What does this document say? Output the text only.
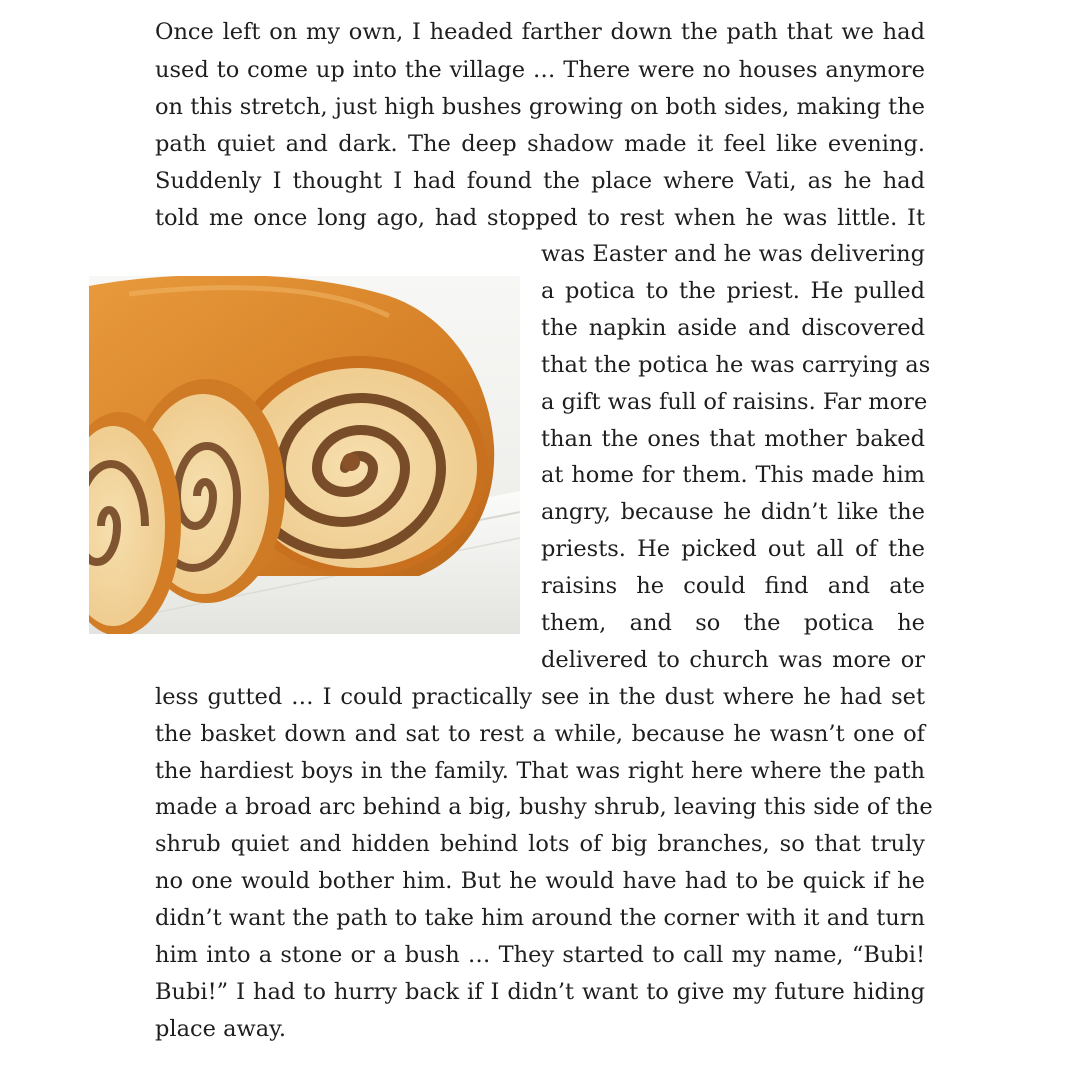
Once left on my own, I headed farther down the path that we had
used to come up into the village … There were no houses anymore
on this stretch, just high bushes growing on both sides, making the
path quiet and dark. The deep shadow made it feel like evening.
Suddenly I thought I had found the place where Vati, as he had
told me once long ago, had stopped to rest when he was little. It
was Easter and he was delivering
a potica to the priest. He pulled
the napkin aside and discovered
that the potica he was carrying as
a gift was full of raisins. Far more
than the ones that mother baked
at home for them. This made him
angry, because he didn’t like the
priests. He picked out all of the
raisins he could find and ate
them, and so the potica he
delivered to church was more or
less gutted … I could practically see in the dust where he had set
the basket down and sat to rest a while, because he wasn’t one of
the hardiest boys in the family. That was right here where the path
made a broad arc behind a big, bushy shrub, leaving this side of the
shrub quiet and hidden behind lots of big branches, so that truly
no one would bother him. But he would have had to be quick if he
didn’t want the path to take him around the corner with it and turn
him into a stone or a bush … They started to call my name, “Bubi!
Bubi!” I had to hurry back if I didn’t want to give my future hiding
place away.
